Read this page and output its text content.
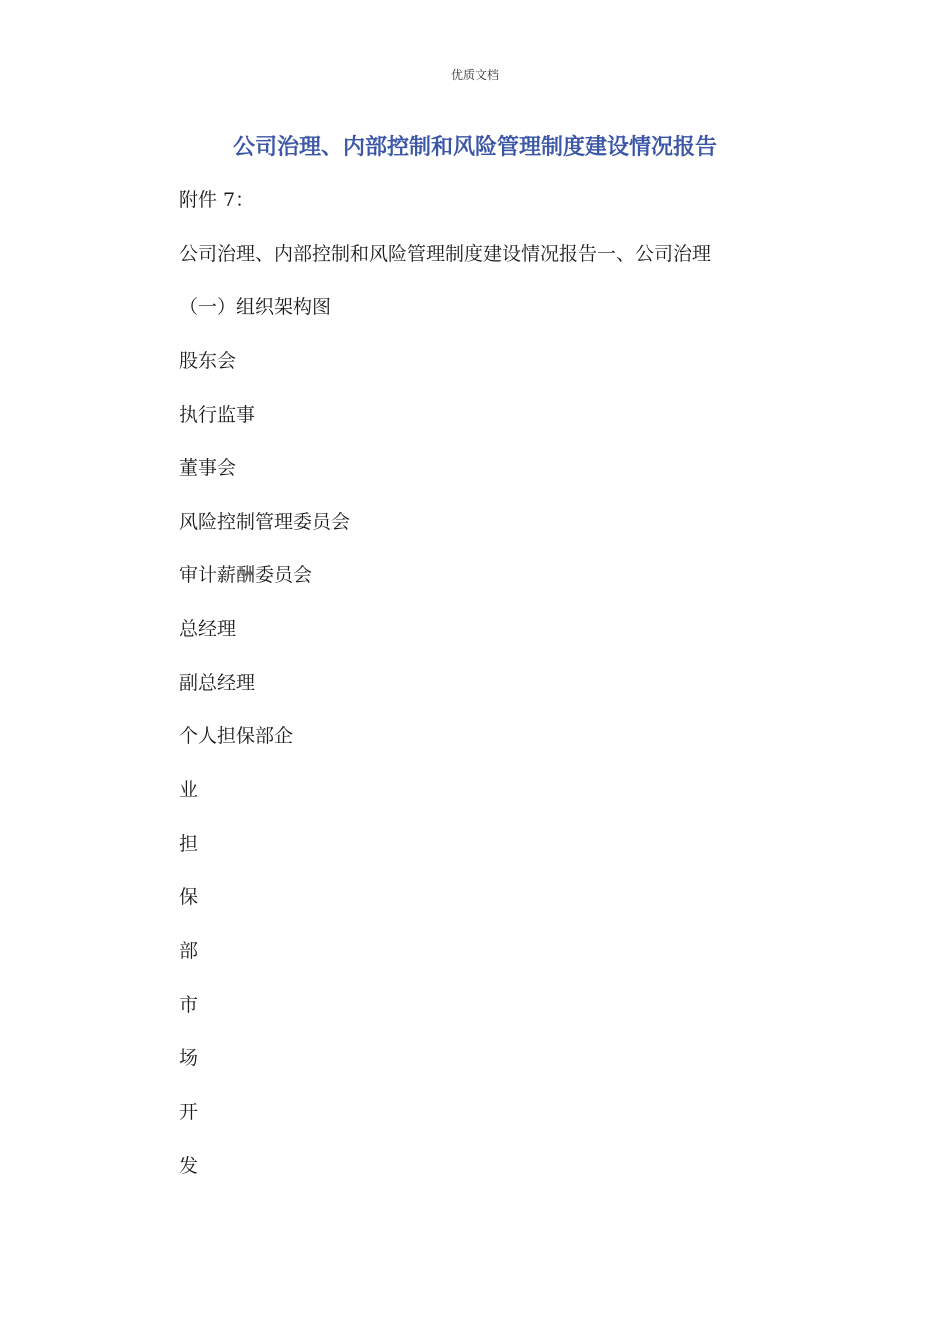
优质文档
公司治理、内部控制和风险管理制度建设情况报告
附件 7：
公司治理、内部控制和风险管理制度建设情况报告一、公司治理
（一）组织架构图
股东会
执行监事
董事会
风险控制管理委员会
审计薪酬委员会
总经理
副总经理
个人担保部企
业
担
保
部
市
场
开
发
